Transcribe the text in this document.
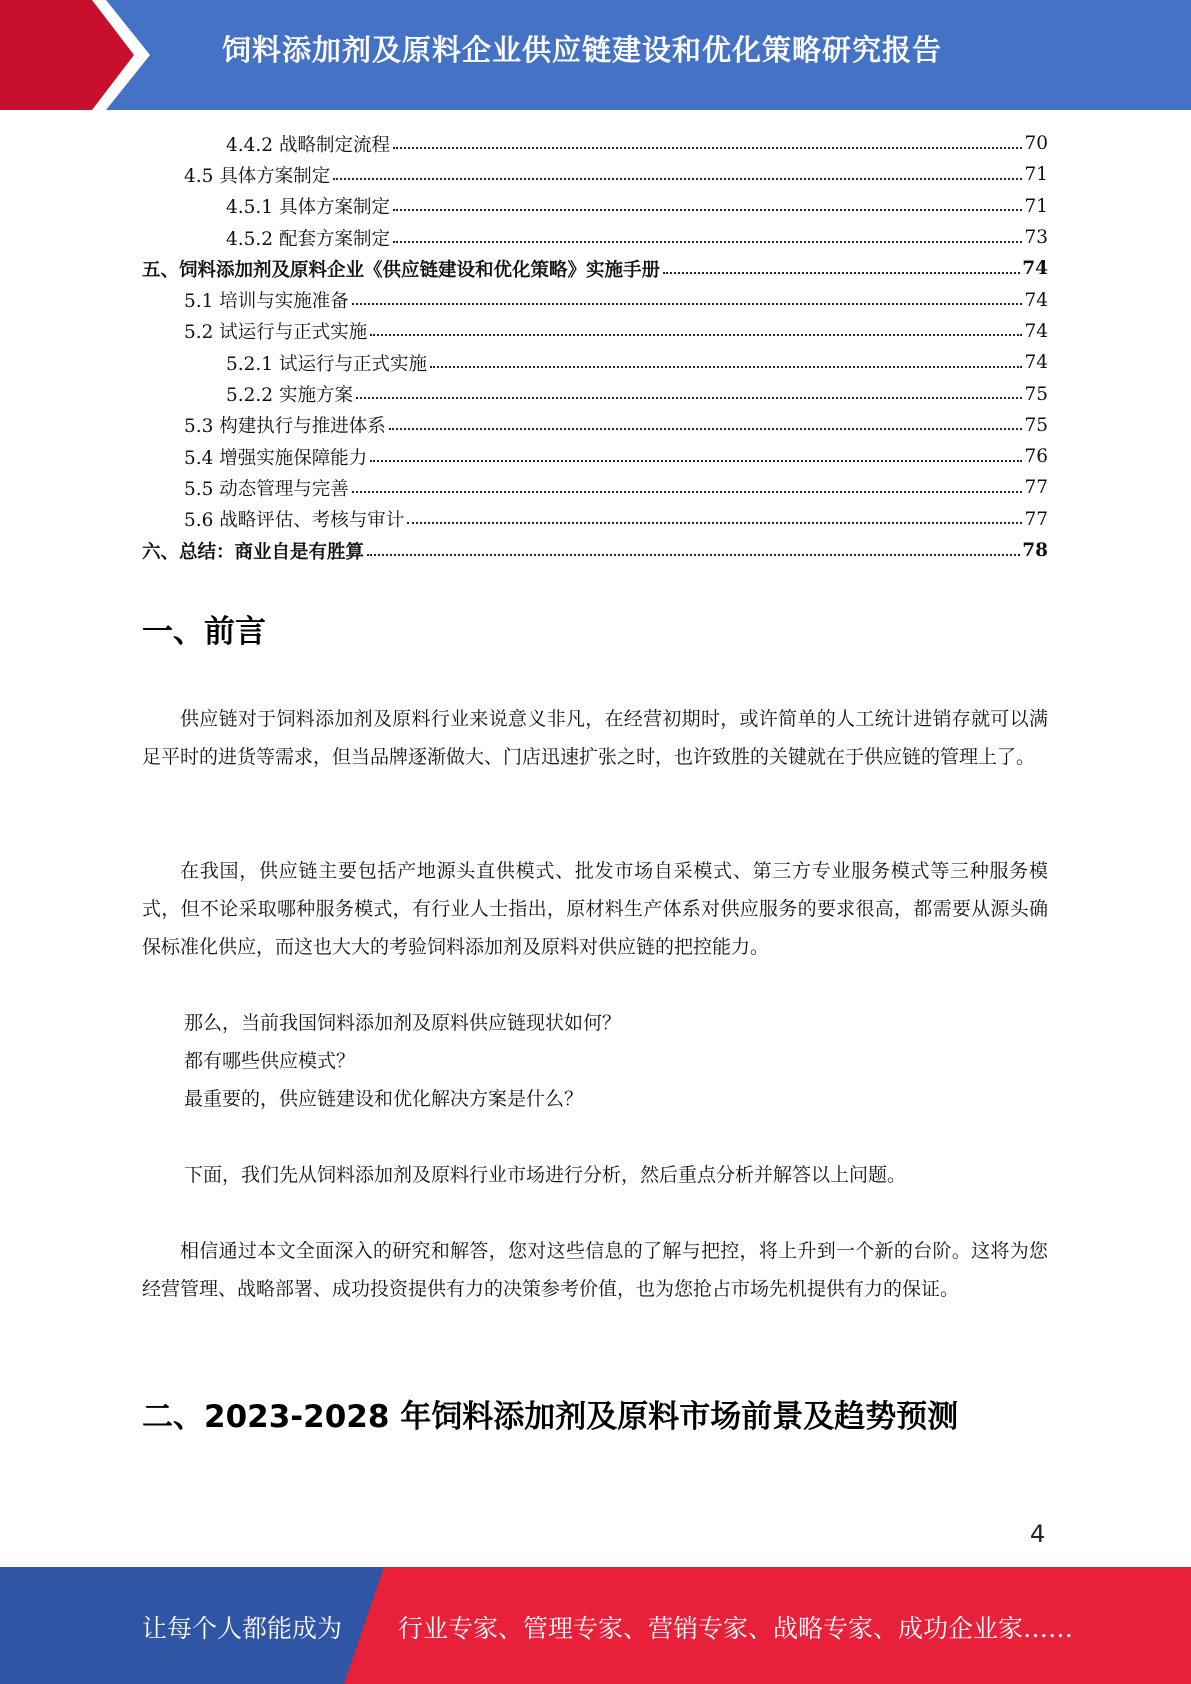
饲料添加剂及原料企业供应链建设和优化策略研究报告
4.4.2 战略制定流程	70
4.5 具体方案制定	71
4.5.1 具体方案制定	71
4.5.2 配套方案制定	73
五、饲料添加剂及原料企业《供应链建设和优化策略》实施手册	74
5.1 培训与实施准备	74
5.2 试运行与正式实施	74
5.2.1 试运行与正式实施	74
5.2.2 实施方案	75
5.3 构建执行与推进体系	75
5.4 增强实施保障能力	76
5.5 动态管理与完善	77
5.6 战略评估、考核与审计	77
六、总结：商业自是有胜算	78
一、前言
供应链对于饲料添加剂及原料行业来说意义非凡，在经营初期时，或许简单的人工统计进销存就可以满足平时的进货等需求，但当品牌逐渐做大、门店迅速扩张之时，也许致胜的关键就在于供应链的管理上了。
在我国，供应链主要包括产地源头直供模式、批发市场自采模式、第三方专业服务模式等三种服务模式，但不论采取哪种服务模式，有行业人士指出，原材料生产体系对供应服务的要求很高，都需要从源头确保标准化供应，而这也大大的考验饲料添加剂及原料对供应链的把控能力。
那么，当前我国饲料添加剂及原料供应链现状如何？
都有哪些供应模式？
最重要的，供应链建设和优化解决方案是什么？
下面，我们先从饲料添加剂及原料行业市场进行分析，然后重点分析并解答以上问题。
相信通过本文全面深入的研究和解答，您对这些信息的了解与把控，将上升到一个新的台阶。这将为您经营管理、战略部署、成功投资提供有力的决策参考价值，也为您抢占市场先机提供有力的保证。
二、2023-2028 年饲料添加剂及原料市场前景及趋势预测
4
让每个人都能成为 行业专家、管理专家、营销专家、战略专家、成功企业家……
